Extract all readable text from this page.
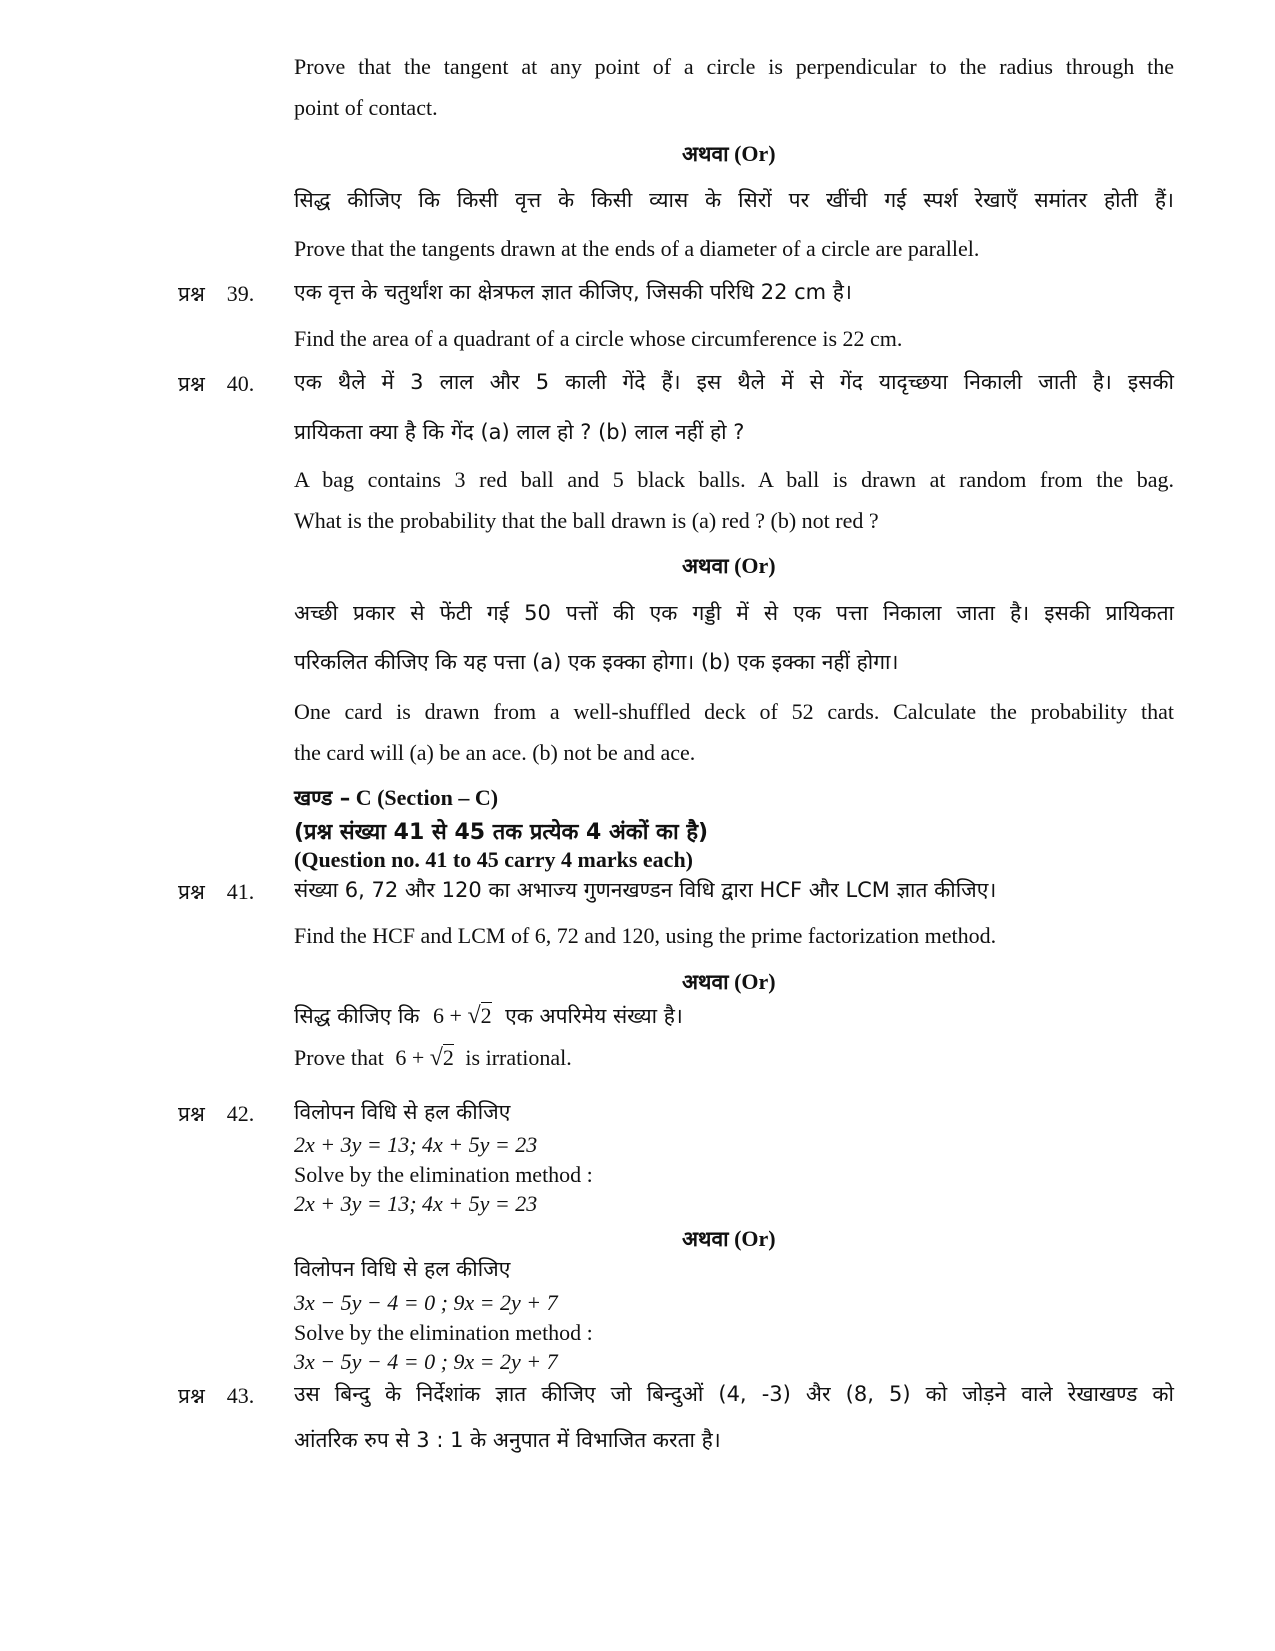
Prove that the tangent at any point of a circle is perpendicular to the radius through the
point of contact.
अथवा (Or)
सिद्ध कीजिए कि किसी वृत्त के किसी व्यास के सिरों पर खींची गई स्पर्श रेखाएँ समांतर होती हैं।
Prove that the tangents drawn at the ends of a diameter of a circle are parallel.
प्रश्न 39. एक वृत्त के चतुर्थांश का क्षेत्रफल ज्ञात कीजिए, जिसकी परिधि 22 cm है।
Find the area of a quadrant of a circle whose circumference is 22 cm.
प्रश्न 40. एक थैले में 3 लाल और 5 काली गेंदे हैं। इस थैले में से गेंद यादृच्छया निकाली जाती है। इसकी
प्रायिकता क्या है कि गेंद (a) लाल हो ? (b) लाल नहीं हो ?
A bag contains 3 red ball and 5 black balls. A ball is drawn at random from the bag.
What is the probability that the ball drawn is (a) red ? (b) not red ?
अथवा (Or)
अच्छी प्रकार से फेंटी गई 50 पत्तों की एक गड्डी में से एक पत्ता निकाला जाता है। इसकी प्रायिकता
परिकलित कीजिए कि यह पत्ता (a) एक इक्का होगा। (b) एक इक्का नहीं होगा।
One card is drawn from a well-shuffled deck of 52 cards. Calculate the probability that
the card will (a) be an ace. (b) not be and ace.
खण्ड – C (Section – C)
(प्रश्न संख्या 41 से 45 तक प्रत्येक 4 अंकों का है)
(Question no. 41 to 45 carry 4 marks each)
प्रश्न 41. संख्या 6, 72 और 120 का अभाज्य गुणनखण्डन विधि द्वारा HCF और LCM ज्ञात कीजिए।
Find the HCF and LCM of 6, 72 and 120, using the prime factorization method.
अथवा (Or)
सिद्ध कीजिए कि 6 + √2 एक अपरिमेय संख्या है।
Prove that 6 + √2 is irrational.
प्रश्न 42. विलोपन विधि से हल कीजिए
2x + 3y = 13; 4x + 5y = 23
Solve by the elimination method :
2x + 3y = 13; 4x + 5y = 23
अथवा (Or)
विलोपन विधि से हल कीजिए
3x − 5y − 4 = 0 ; 9x = 2y + 7
Solve by the elimination method :
3x − 5y − 4 = 0 ; 9x = 2y + 7
प्रश्न 43. उस बिन्दु के निर्देशांक ज्ञात कीजिए जो बिन्दुओं (4, -3) अैर (8, 5) को जोड़ने वाले रेखाखण्ड को
आंतरिक रुप से 3 : 1 के अनुपात में विभाजित करता है।
